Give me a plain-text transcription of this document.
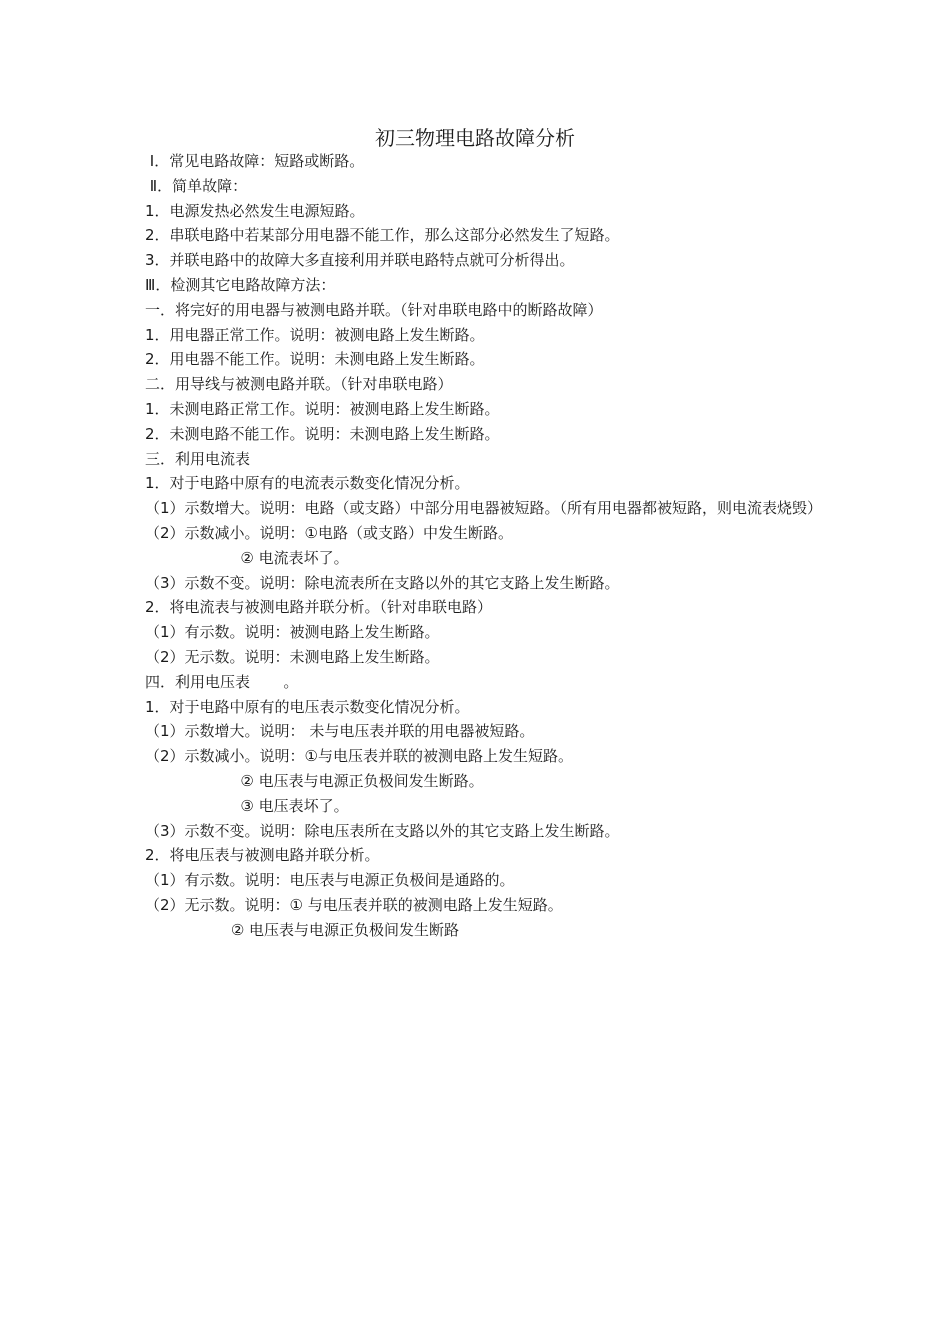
初三物理电路故障分析

Ⅰ．常见电路故障：短路或断路。

Ⅱ．简单故障：

1．电源发热必然发生电源短路。

2．串联电路中若某部分用电器不能工作，那么这部分必然发生了短路。

3．并联电路中的故障大多直接利用并联电路特点就可分析得出。

Ⅲ．检测其它电路故障方法：

一．将完好的用电器与被测电路并联。（针对串联电路中的断路故障）

1．用电器正常工作。说明：被测电路上发生断路。

2．用电器不能工作。说明：未测电路上发生断路。

二．用导线与被测电路并联。（针对串联电路）

1．未测电路正常工作。说明：被测电路上发生断路。

2．未测电路不能工作。说明：未测电路上发生断路。

三．利用电流表

1．对于电路中原有的电流表示数变化情况分析。

（1）示数增大。说明：电路（或支路）中部分用电器被短路。（所有用电器都被短路，则电流表烧毁）

（2）示数减小。说明：①电路（或支路）中发生断路。

② 电流表坏了。

（3）示数不变。说明：除电流表所在支路以外的其它支路上发生断路。

2．将电流表与被测电路并联分析。（针对串联电路）

（1）有示数。说明：被测电路上发生断路。

（2）无示数。说明：未测电路上发生断路。

四．利用电压表       。

1．对于电路中原有的电压表示数变化情况分析。

（1）示数增大。说明： 未与电压表并联的用电器被短路。

（2）示数减小。说明：①与电压表并联的被测电路上发生短路。

② 电压表与电源正负极间发生断路。

③ 电压表坏了。

（3）示数不变。说明：除电压表所在支路以外的其它支路上发生断路。

2．将电压表与被测电路并联分析。

（1）有示数。说明：电压表与电源正负极间是通路的。

（2）无示数。说明：① 与电压表并联的被测电路上发生短路。

② 电压表与电源正负极间发生断路
